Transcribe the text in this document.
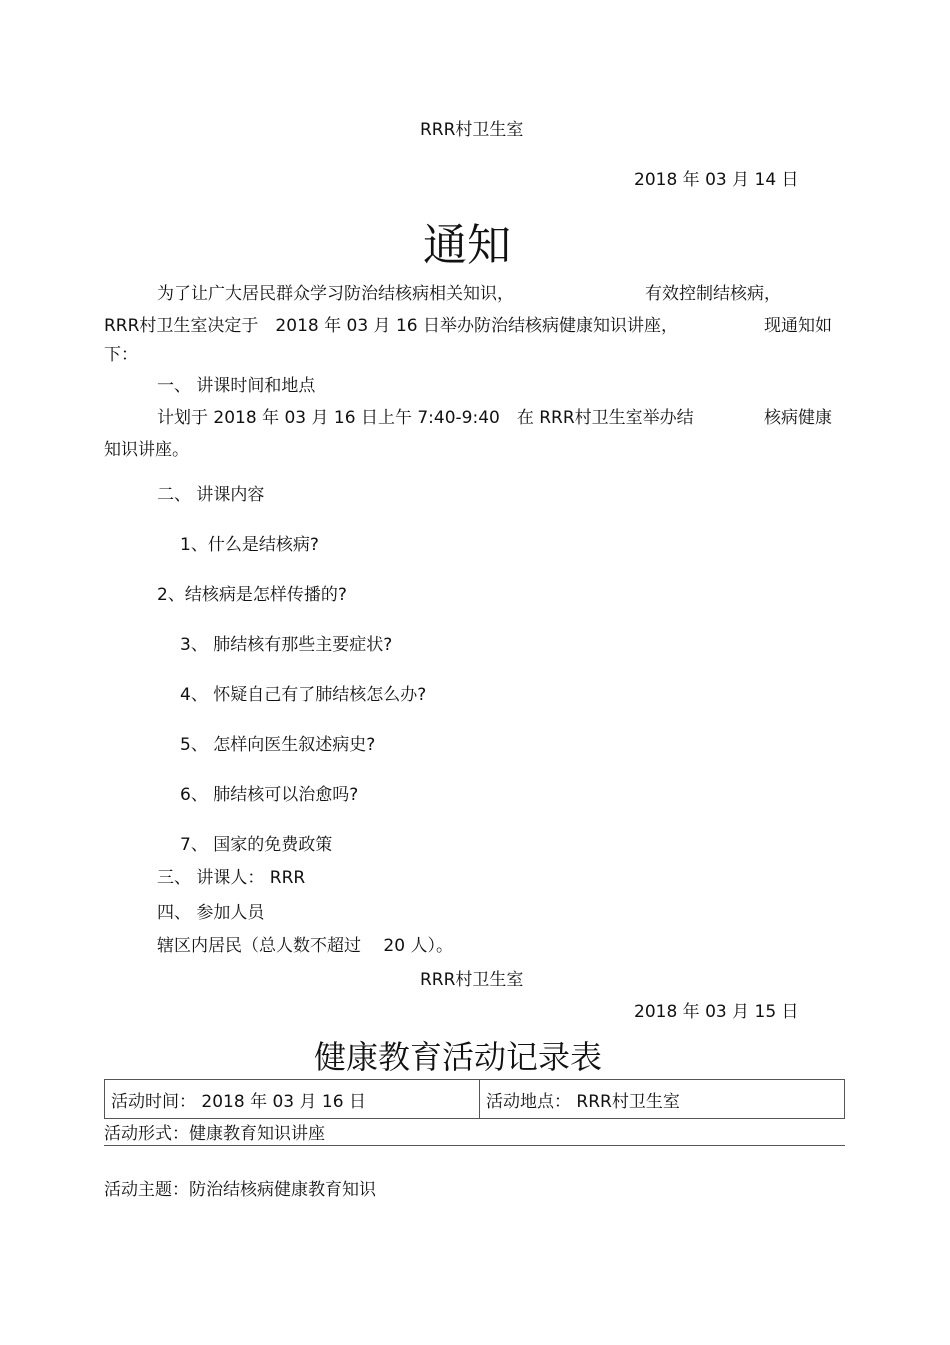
RRR村卫生室
2018 年 03 月 14 日
通知
为了让广大居民群众学习防治结核病相关知识，	有效控制结核病，
RRR村卫生室决定于　2018 年 03 月 16 日举办防治结核病健康知识讲座，	现通知如
下：
一、 讲课时间和地点
计划于 2018 年 03 月 16 日上午 7:40-9:40　在 RRR村卫生室举办结	核病健康
知识讲座。
二、 讲课内容
1、什么是结核病?
2、结核病是怎样传播的?
3、 肺结核有那些主要症状?
4、 怀疑自己有了肺结核怎么办?
5、 怎样向医生叙述病史?
6、 肺结核可以治愈吗?
7、 国家的免费政策
三、 讲课人： RRR
四、 参加人员
辖区内居民（总人数不超过　 20 人）。
RRR村卫生室
2018 年 03 月 15 日
健康教育活动记录表
活动时间： 2018 年 03 月 16 日	活动地点： RRR村卫生室
活动形式：健康教育知识讲座
活动主题：防治结核病健康教育知识
